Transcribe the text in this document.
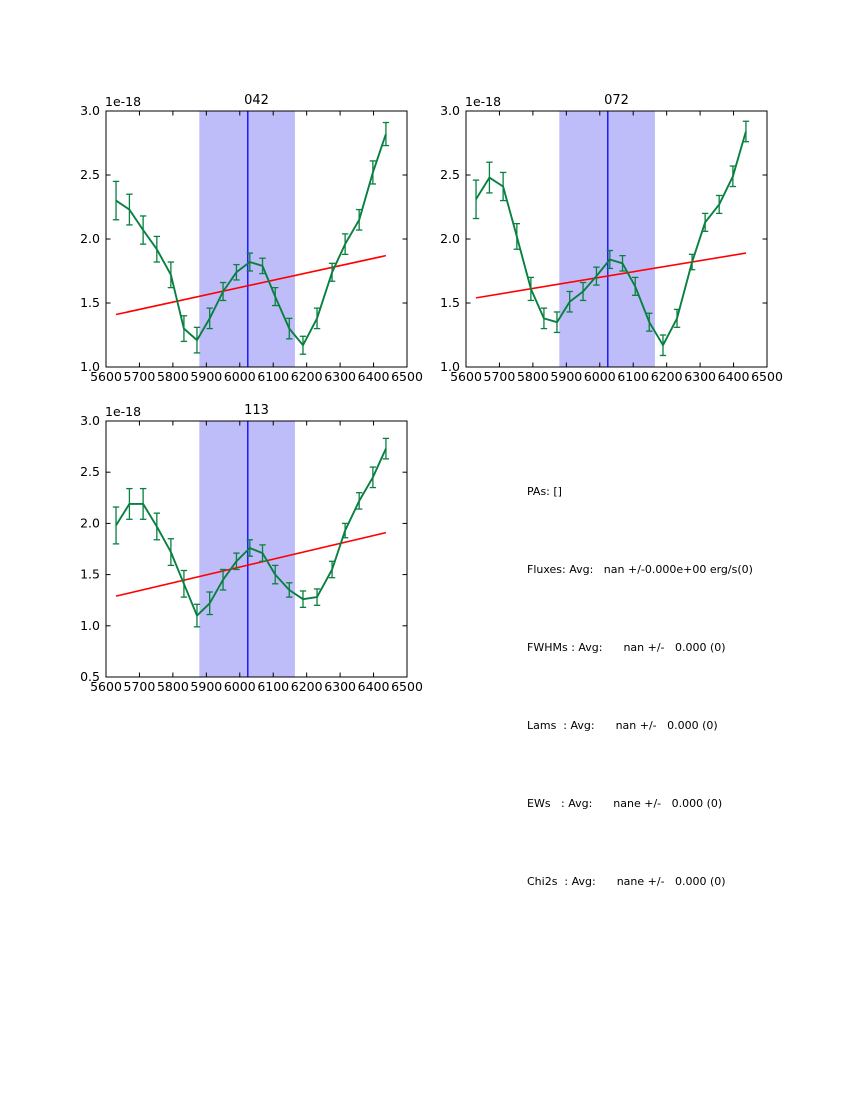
5600 5700 5800 5900 6000 6100 6200 6300 6400 6500
1.0
1.5
2.0
2.5
3.0
042
1e-18
5600 5700 5800 5900 6000 6100 6200 6300 6400 6500
1.0
1.5
2.0
2.5
3.0
072
1e-18
5600 5700 5800 5900 6000 6100 6200 6300 6400 6500
0.5
1.0
1.5
2.0
2.5
3.0
113
1e-18

PAs: []

Fluxes: Avg:   nan +/-0.000e+00 erg/s(0)

FWHMs : Avg:      nan +/-   0.000 (0)

Lams  : Avg:      nan +/-   0.000 (0)

EWs   : Avg:      nane +/-   0.000 (0)

Chi2s  : Avg:      nane +/-   0.000 (0)
